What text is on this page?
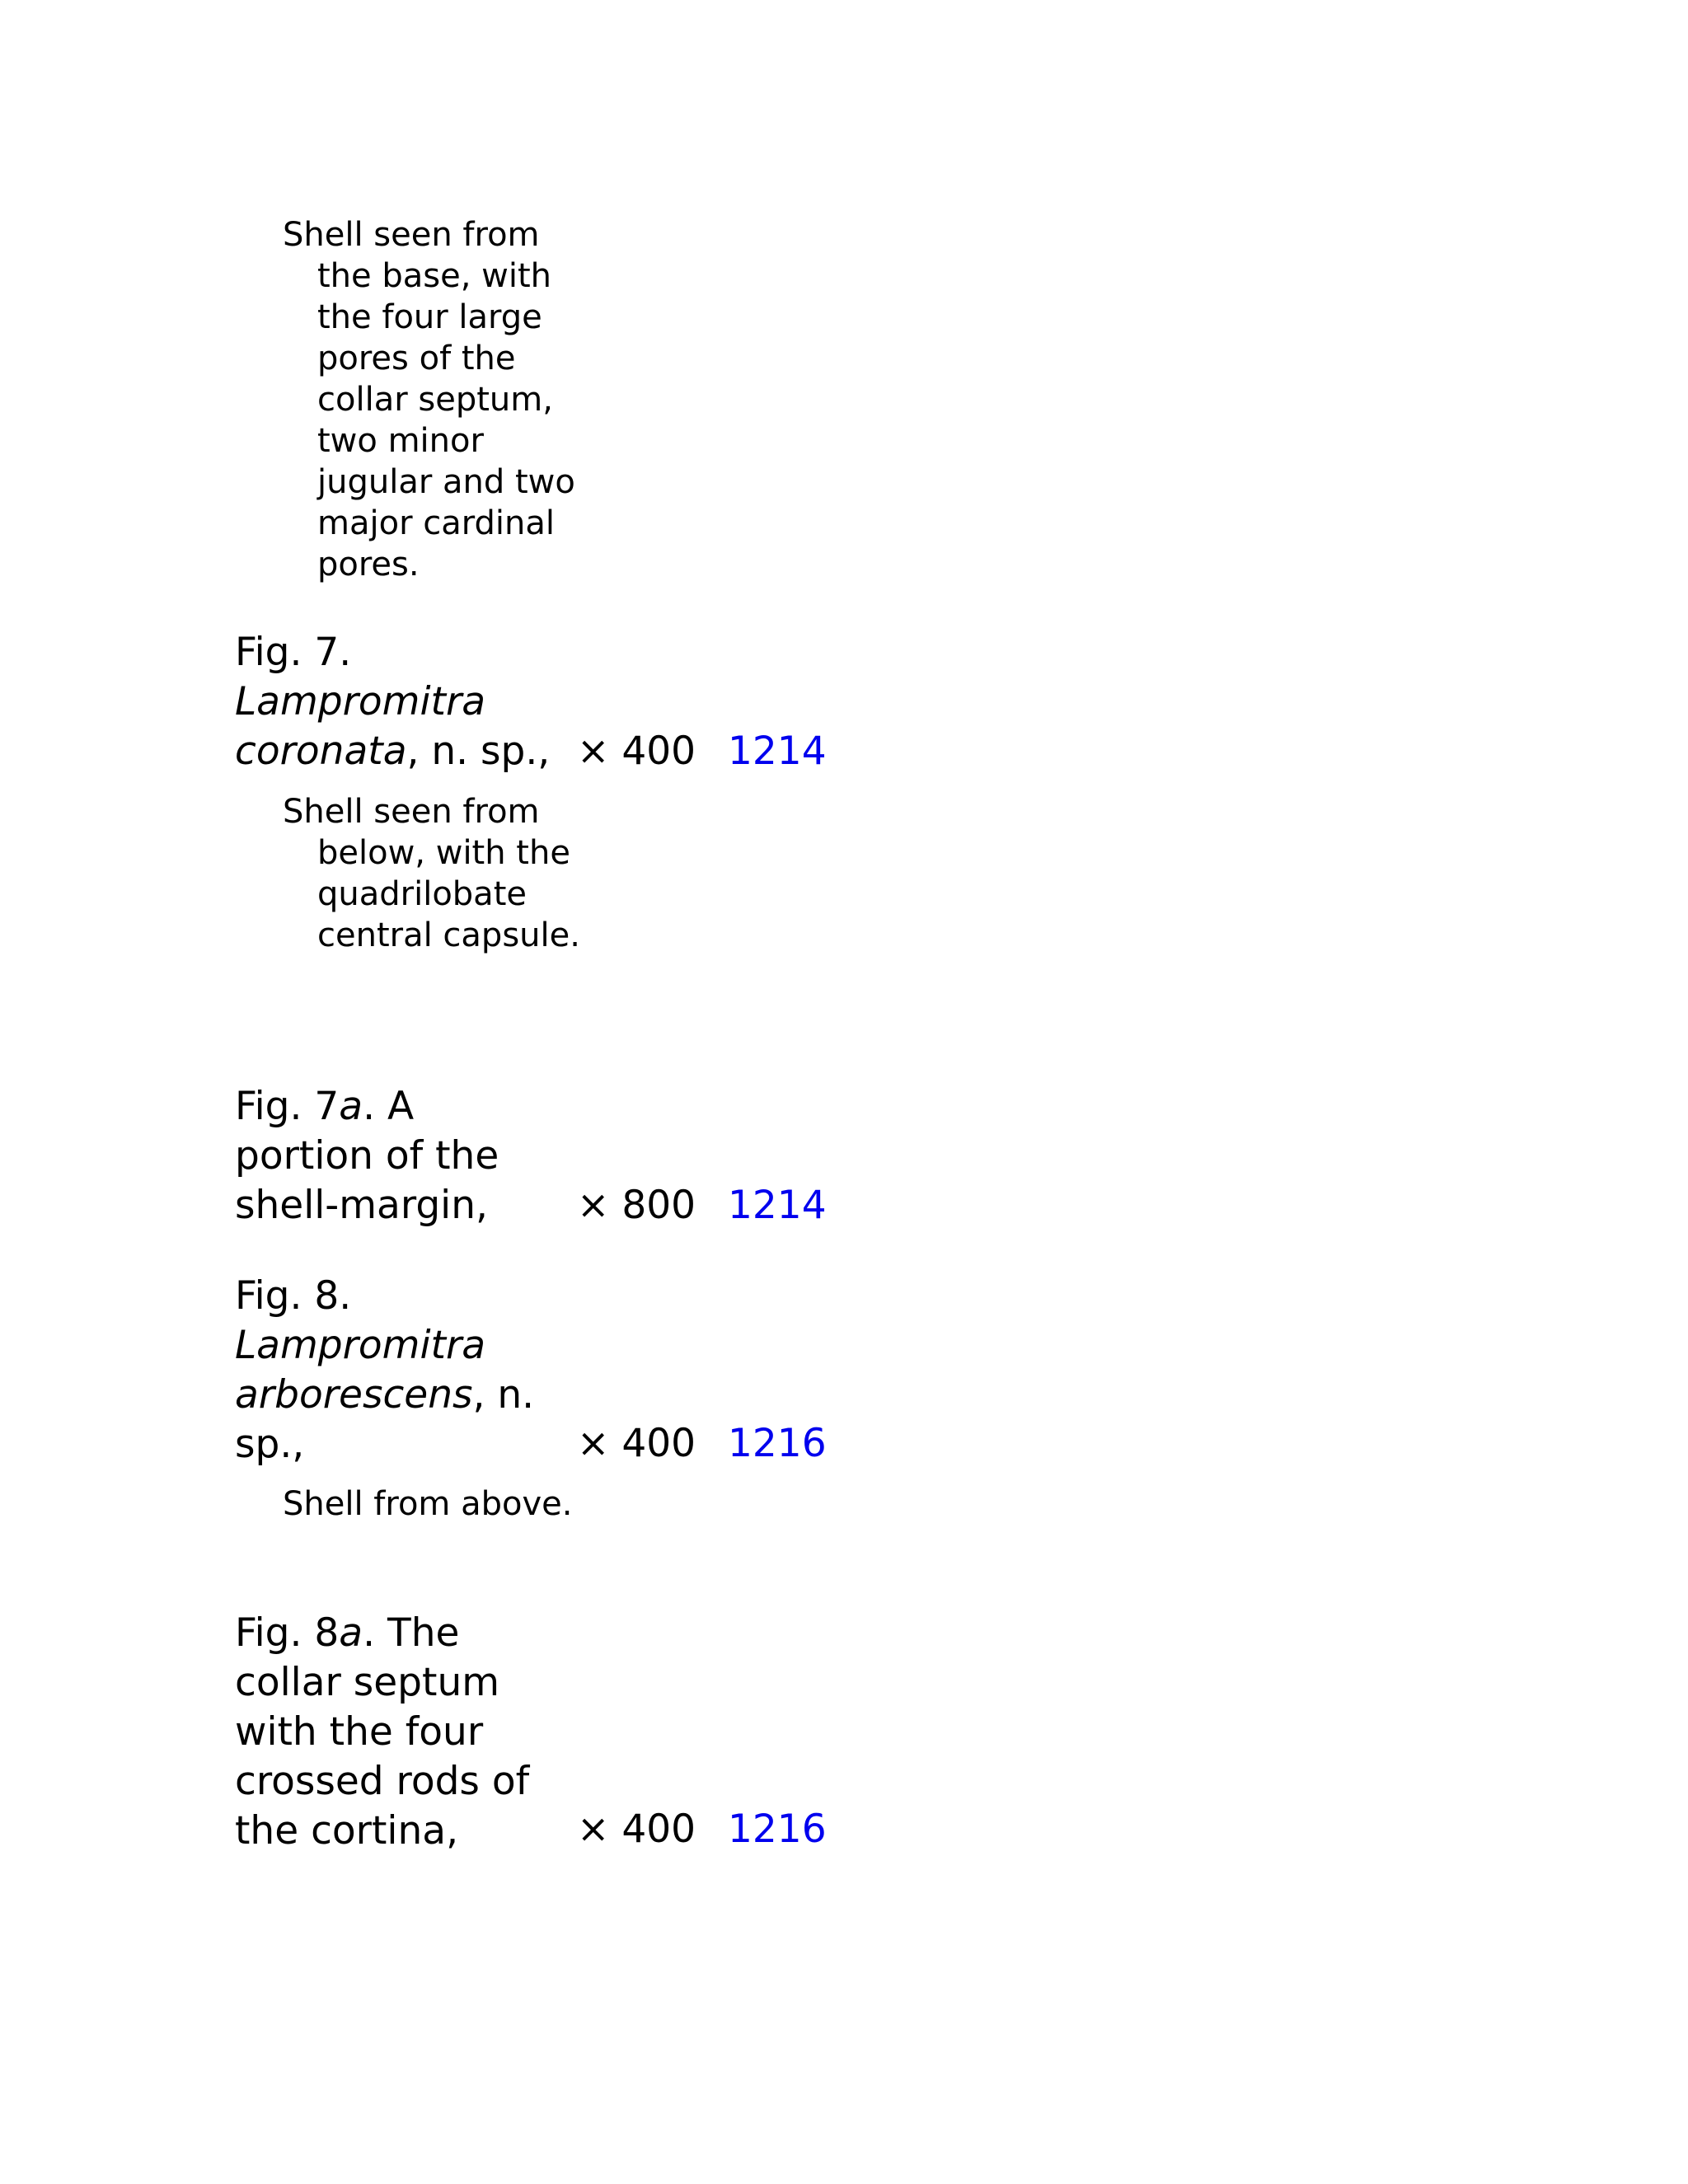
Shell seen from the base, with the four large pores of the collar septum, two minor jugular and two major cardinal pores.

Fig. 7.
Lampromitra coronata, n. sp., × 400 1214

Shell seen from below, with the quadrilobate central capsule.

Fig. 7a. A portion of the shell-margin,	× 800 1214

Fig. 8.
Lampromitra arborescens, n. sp.,	× 400 1216

Shell from above.

Fig. 8a. The collar septum with the four crossed rods of the cortina,	× 400 1216
